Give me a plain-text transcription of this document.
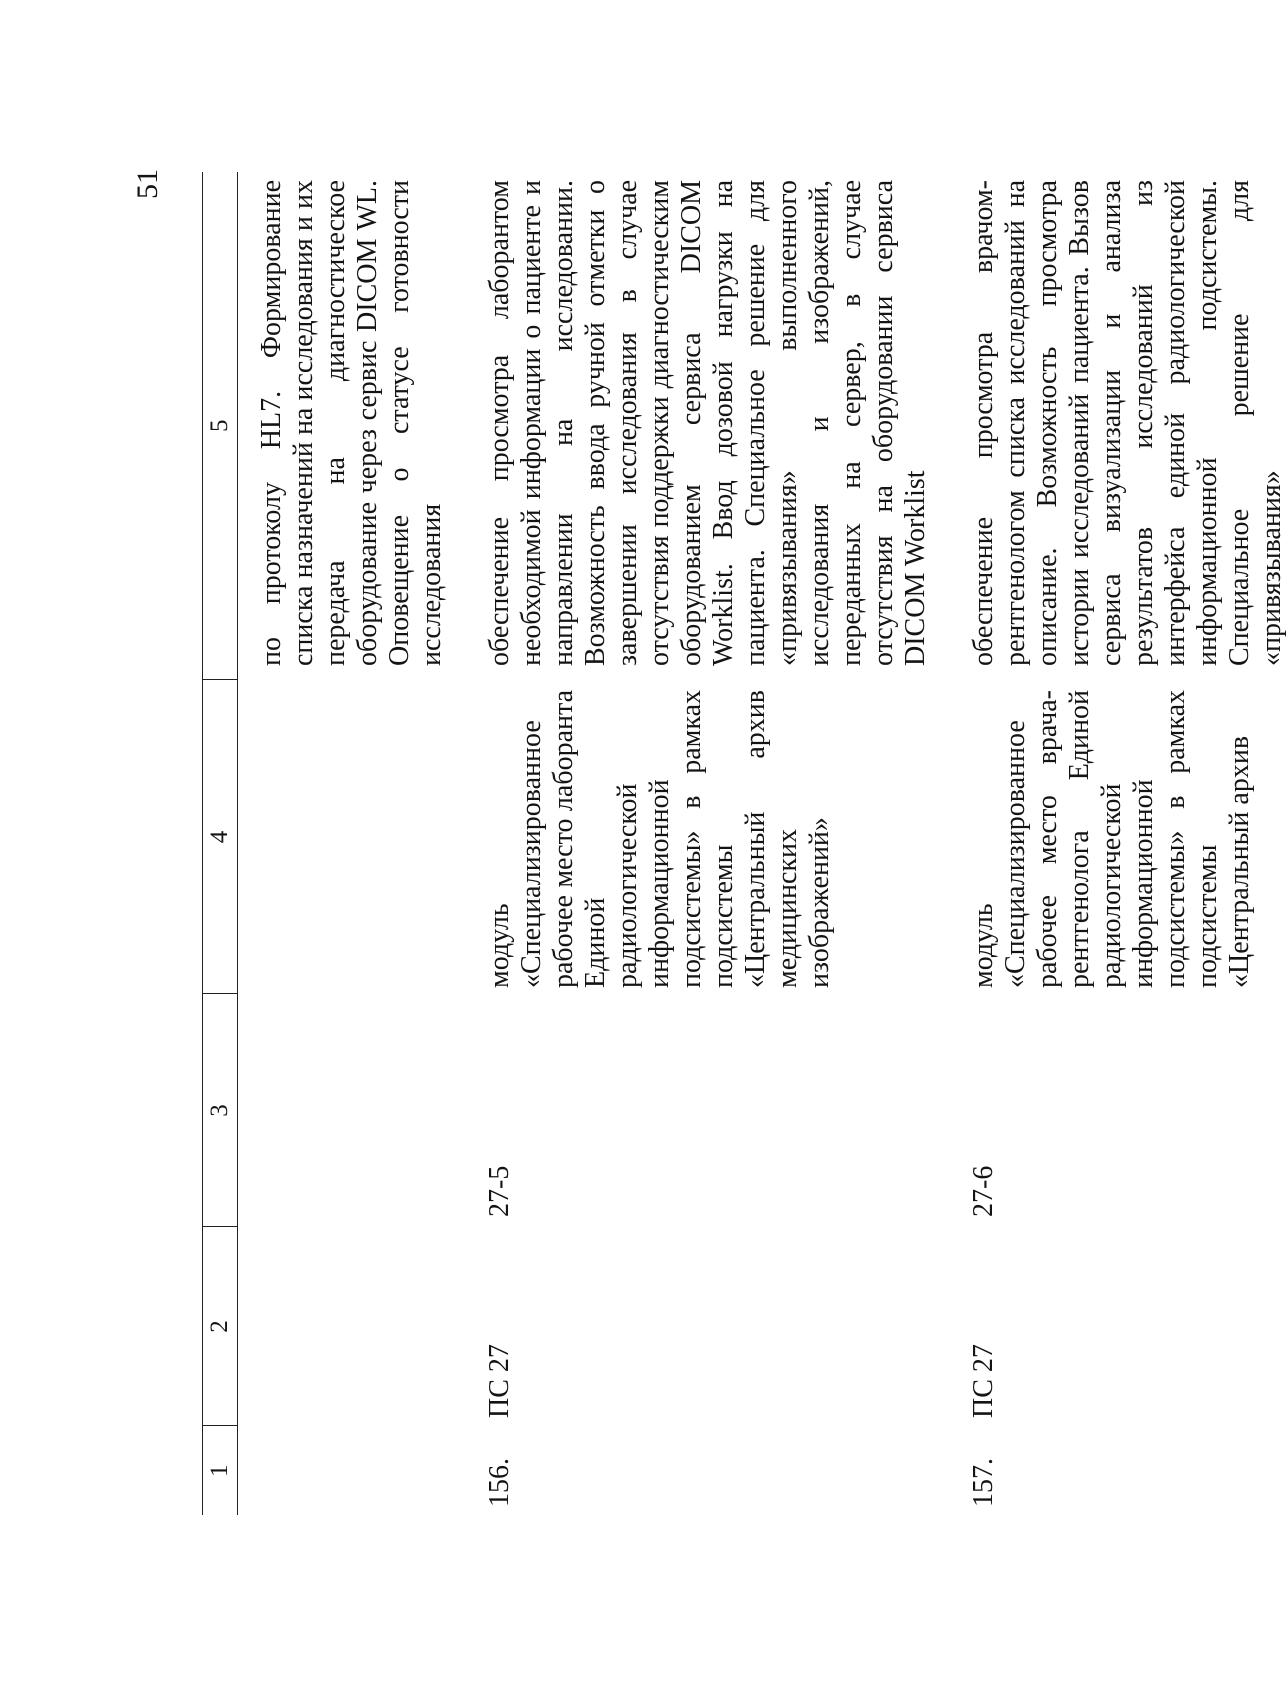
51
1	2	3	4	5

				по протоколу HL7. Формирование списка назначений на исследования и их передача на диагностическое оборудование через сервис DICOM WL. Оповещение о статусе готовности исследования

156.	ПС 27	27-5	модуль «Специализированное рабочее место лаборанта Единой радиологической информационной подсистемы» в рамках подсистемы «Центральный архив медицинских изображений»	обеспечение просмотра лаборантом необходимой информации о пациенте и направлении на исследовании. Возможность ввода ручной отметки о завершении исследования в случае отсутствия поддержки диагностическим оборудованием сервиса DICOM Worklist. Ввод дозовой нагрузки на пациента. Специальное решение для «привязывания» выполненного исследования и изображений, переданных на сервер, в случае отсутствия на оборудовании сервиса DICOM Worklist

157.	ПС 27	27-6	модуль «Специализированное рабочее место врача-рентгенолога Единой радиологической информационной подсистемы» в рамках подсистемы «Центральный архив	обеспечение просмотра врачом-рентгенологом списка исследований на описание. Возможность просмотра истории исследований пациента. Вызов сервиса визуализации и анализа результатов исследований из интерфейса единой радиологической информационной подсистемы. Специальное решение для «привязывания»
